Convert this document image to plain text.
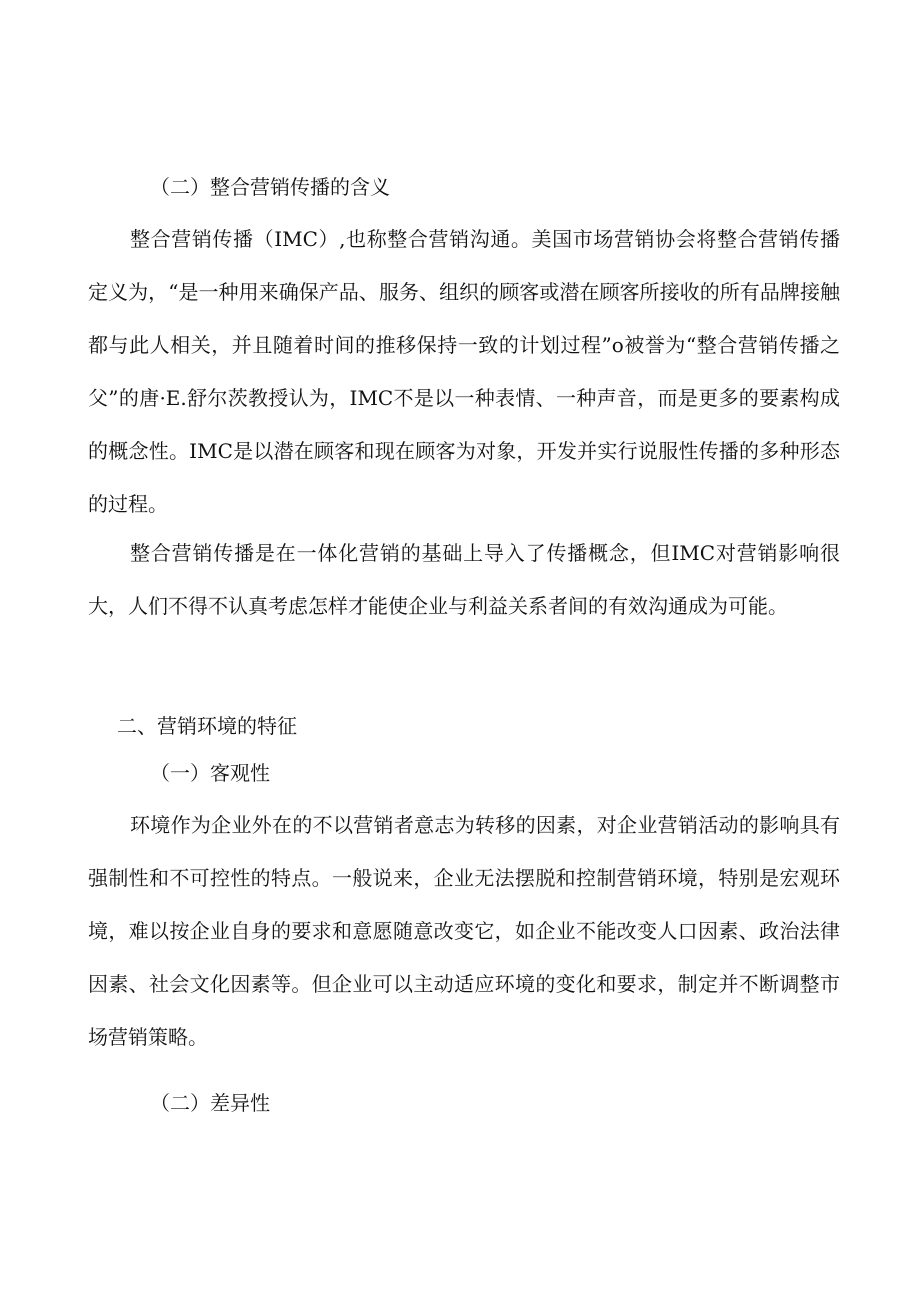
（二）整合营销传播的含义

整合营销传播（IMC）,也称整合营销沟通。美国市场营销协会将整合营销传播定义为，“是一种用来确保产品、服务、组织的顾客或潜在顾客所接收的所有品牌接触都与此人相关，并且随着时间的推移保持一致的计划过程”o被誉为“整合营销传播之父”的唐·E.舒尔茨教授认为，IMC不是以一种表情、一种声音，而是更多的要素构成的概念性。IMC是以潜在顾客和现在顾客为对象，开发并实行说服性传播的多种形态的过程。

整合营销传播是在一体化营销的基础上导入了传播概念，但IMC对营销影响很大，人们不得不认真考虑怎样才能使企业与利益关系者间的有效沟通成为可能。

二、营销环境的特征
（一）客观性

环境作为企业外在的不以营销者意志为转移的因素，对企业营销活动的影响具有强制性和不可控性的特点。一般说来，企业无法摆脱和控制营销环境，特别是宏观环境，难以按企业自身的要求和意愿随意改变它，如企业不能改变人口因素、政治法律因素、社会文化因素等。但企业可以主动适应环境的变化和要求，制定并不断调整市场营销策略。

（二）差异性
